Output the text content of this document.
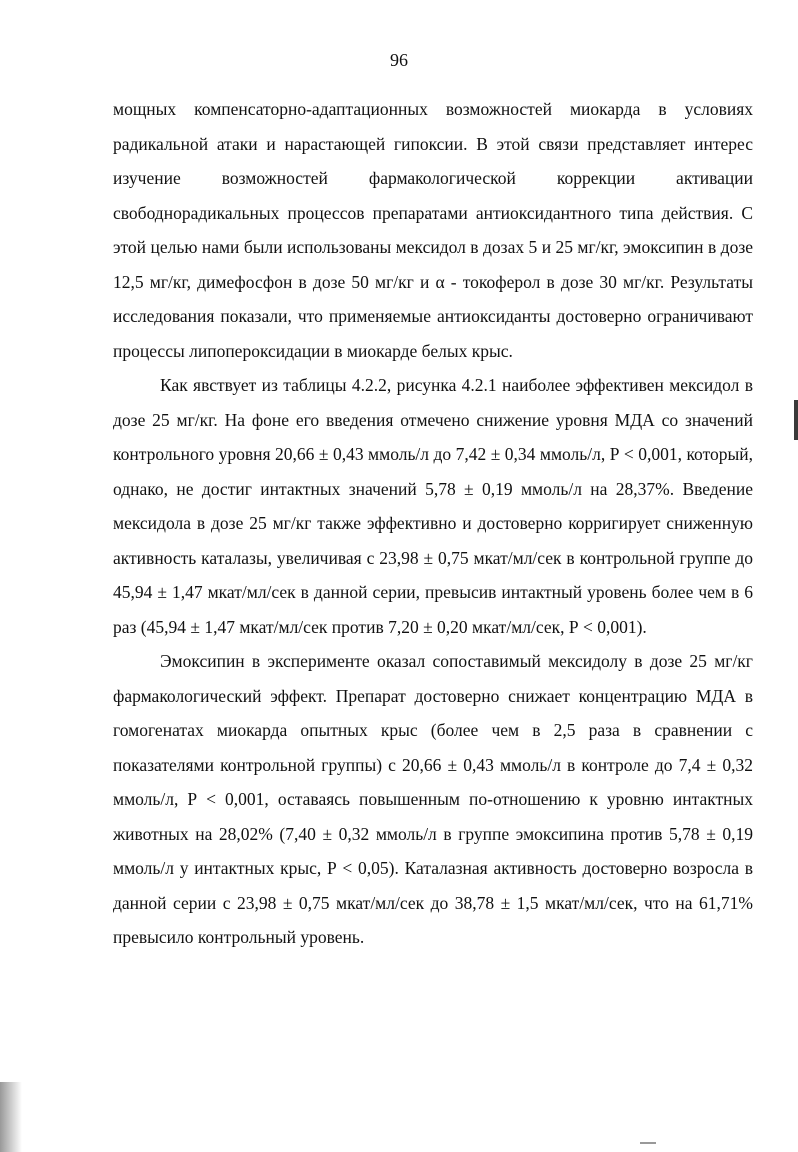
96

мощных компенсаторно-адаптационных возможностей миокарда в условиях радикальной атаки и нарастающей гипоксии. В этой связи представляет интерес изучение возможностей фармакологической коррекции активации свободнорадикальных процессов препаратами антиоксидантного типа действия. С этой целью нами были использованы мексидол в дозах 5 и 25 мг/кг, эмоксипин в дозе 12,5 мг/кг, димефосфон в дозе 50 мг/кг и α - токоферол в дозе 30 мг/кг. Результаты исследования показали, что применяемые антиоксиданты достоверно ограничивают процессы липопероксидации в миокарде белых крыс.

Как явствует из таблицы 4.2.2, рисунка 4.2.1 наиболее эффективен мексидол в дозе 25 мг/кг. На фоне его введения отмечено снижение уровня МДА со значений контрольного уровня 20,66 ± 0,43 ммоль/л до 7,42 ± 0,34 ммоль/л, Р < 0,001, который, однако, не достиг интактных значений 5,78 ± 0,19 ммоль/л на 28,37%. Введение мексидола в дозе 25 мг/кг также эффективно и достоверно корригирует сниженную активность каталазы, увеличивая с 23,98 ± 0,75 мкат/мл/сек в контрольной группе до 45,94 ± 1,47 мкат/мл/сек в данной серии, превысив интактный уровень более чем в 6 раз (45,94 ± 1,47 мкат/мл/сек против 7,20 ± 0,20 мкат/мл/сек, Р < 0,001).

Эмоксипин в эксперименте оказал сопоставимый мексидолу в дозе 25 мг/кг фармакологический эффект. Препарат достоверно снижает концентрацию МДА в гомогенатах миокарда опытных крыс (более чем в 2,5 раза в сравнении с показателями контрольной группы) с 20,66 ± 0,43 ммоль/л в контроле до 7,4 ± 0,32 ммоль/л, Р < 0,001, оставаясь повышенным по-отношению к уровню интактных животных на 28,02% (7,40 ± 0,32 ммоль/л в группе эмоксипина против 5,78 ± 0,19 ммоль/л у интактных крыс, Р < 0,05). Каталазная активность достоверно возросла в данной серии с 23,98 ± 0,75 мкат/мл/сек до 38,78 ± 1,5 мкат/мл/сек, что на 61,71% превысило контрольный уровень.
